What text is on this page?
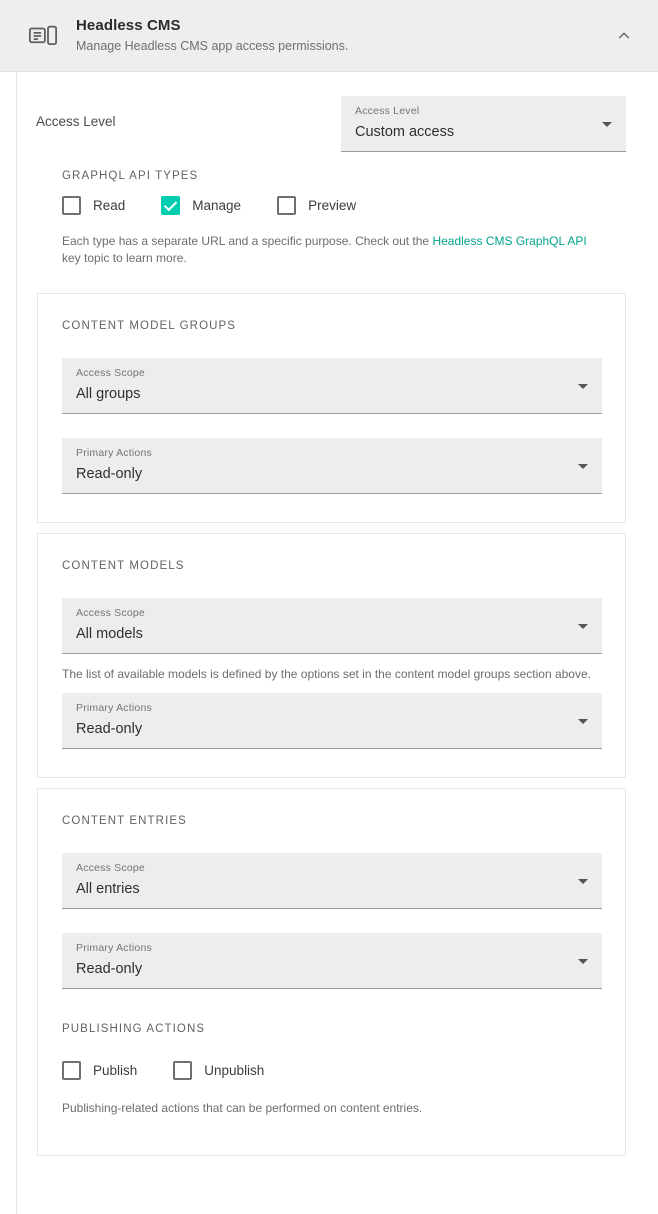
Headless CMS
Manage Headless CMS app access permissions.
Access Level
Access Level
Custom access
GRAPHQL API TYPES
Read	Manage	Preview
Each type has a separate URL and a specific purpose. Check out the Headless CMS GraphQL API key topic to learn more.
CONTENT MODEL GROUPS
Access Scope
All groups
Primary Actions
Read-only
CONTENT MODELS
Access Scope
All models
The list of available models is defined by the options set in the content model groups section above.
Primary Actions
Read-only
CONTENT ENTRIES
Access Scope
All entries
Primary Actions
Read-only
PUBLISHING ACTIONS
Publish	Unpublish
Publishing-related actions that can be performed on content entries.
